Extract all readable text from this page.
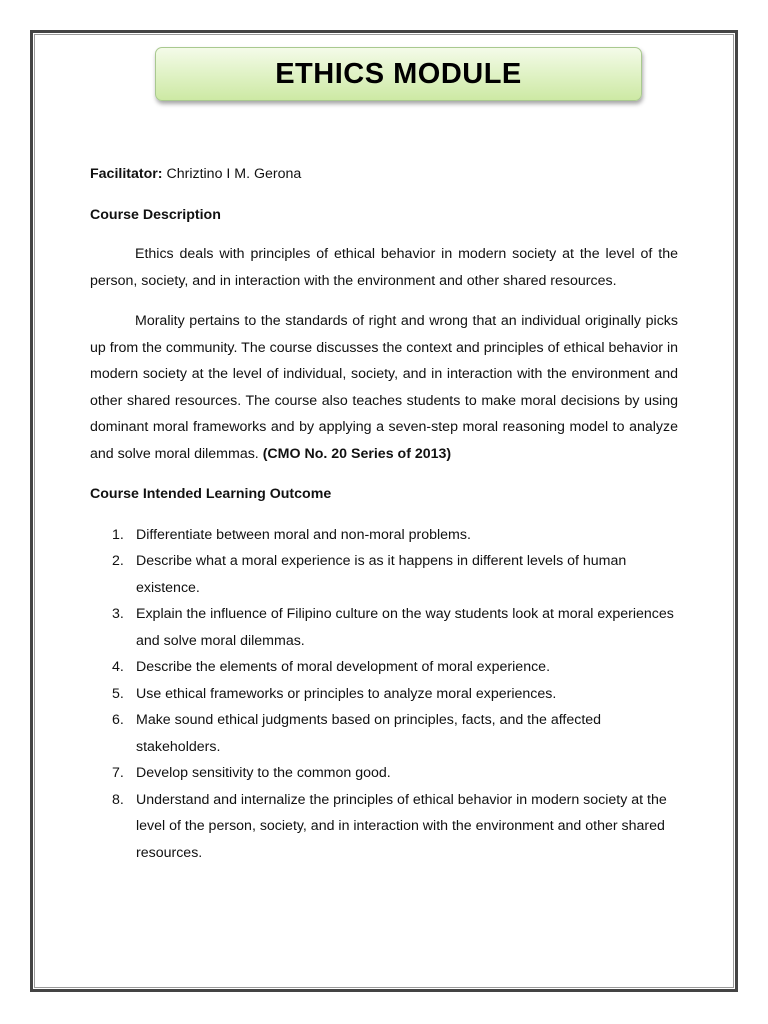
ETHICS MODULE

Facilitator: Chriztino I M. Gerona

Course Description

Ethics deals with principles of ethical behavior in modern society at the level of the person, society, and in interaction with the environment and other shared resources.

Morality pertains to the standards of right and wrong that an individual originally picks up from the community. The course discusses the context and principles of ethical behavior in modern society at the level of individual, society, and in interaction with the environment and other shared resources. The course also teaches students to make moral decisions by using dominant moral frameworks and by applying a seven-step moral reasoning model to analyze and solve moral dilemmas. (CMO No. 20 Series of 2013)

Course Intended Learning Outcome

1. Differentiate between moral and non-moral problems.
2. Describe what a moral experience is as it happens in different levels of human existence.
3. Explain the influence of Filipino culture on the way students look at moral experiences and solve moral dilemmas.
4. Describe the elements of moral development of moral experience.
5. Use ethical frameworks or principles to analyze moral experiences.
6. Make sound ethical judgments based on principles, facts, and the affected stakeholders.
7. Develop sensitivity to the common good.
8. Understand and internalize the principles of ethical behavior in modern society at the level of the person, society, and in interaction with the environment and other shared resources.
